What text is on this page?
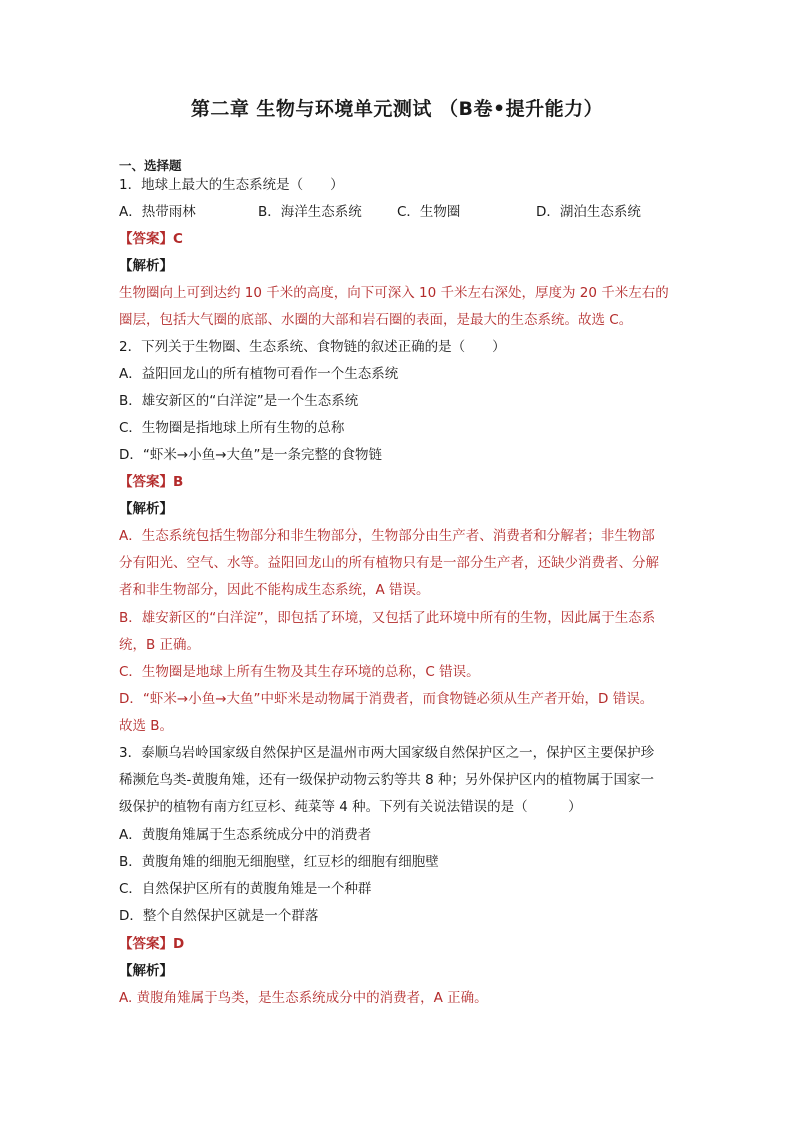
第二章 生物与环境单元测试 （B卷•提升能力）
一、选择题
1．地球上最大的生态系统是（　　）
A．热带雨林	B．海洋生态系统	C．生物圈	D．湖泊生态系统
【答案】C
【解析】
生物圈向上可到达约 10 千米的高度，向下可深入 10 千米左右深处，厚度为 20 千米左右的
圈层，包括大气圈的底部、水圈的大部和岩石圈的表面，是最大的生态系统。故选 C。
2．下列关于生物圈、生态系统、食物链的叙述正确的是（　　）
A．益阳回龙山的所有植物可看作一个生态系统
B．雄安新区的“白洋淀”是一个生态系统
C．生物圈是指地球上所有生物的总称
D．“虾米→小鱼→大鱼”是一条完整的食物链
【答案】B
【解析】
A．生态系统包括生物部分和非生物部分，生物部分由生产者、消费者和分解者；非生物部
分有阳光、空气、水等。益阳回龙山的所有植物只有是一部分生产者，还缺少消费者、分解
者和非生物部分，因此不能构成生态系统，A 错误。
B．雄安新区的“白洋淀”，即包括了环境，又包括了此环境中所有的生物，因此属于生态系
统，B 正确。
C．生物圈是地球上所有生物及其生存环境的总称，C 错误。
D．“虾米→小鱼→大鱼”中虾米是动物属于消费者，而食物链必须从生产者开始，D 错误。
故选 B。
3．泰顺乌岩岭国家级自然保护区是温州市两大国家级自然保护区之一，保护区主要保护珍
稀濒危鸟类-黄腹角雉，还有一级保护动物云豹等共 8 种；另外保护区内的植物属于国家一
级保护的植物有南方红豆杉、莼菜等 4 种。下列有关说法错误的是（　　　）
A．黄腹角雉属于生态系统成分中的消费者
B．黄腹角雉的细胞无细胞壁，红豆杉的细胞有细胞壁
C．自然保护区所有的黄腹角雉是一个种群
D．整个自然保护区就是一个群落
【答案】D
【解析】
A. 黄腹角雉属于鸟类，是生态系统成分中的消费者，A 正确。
